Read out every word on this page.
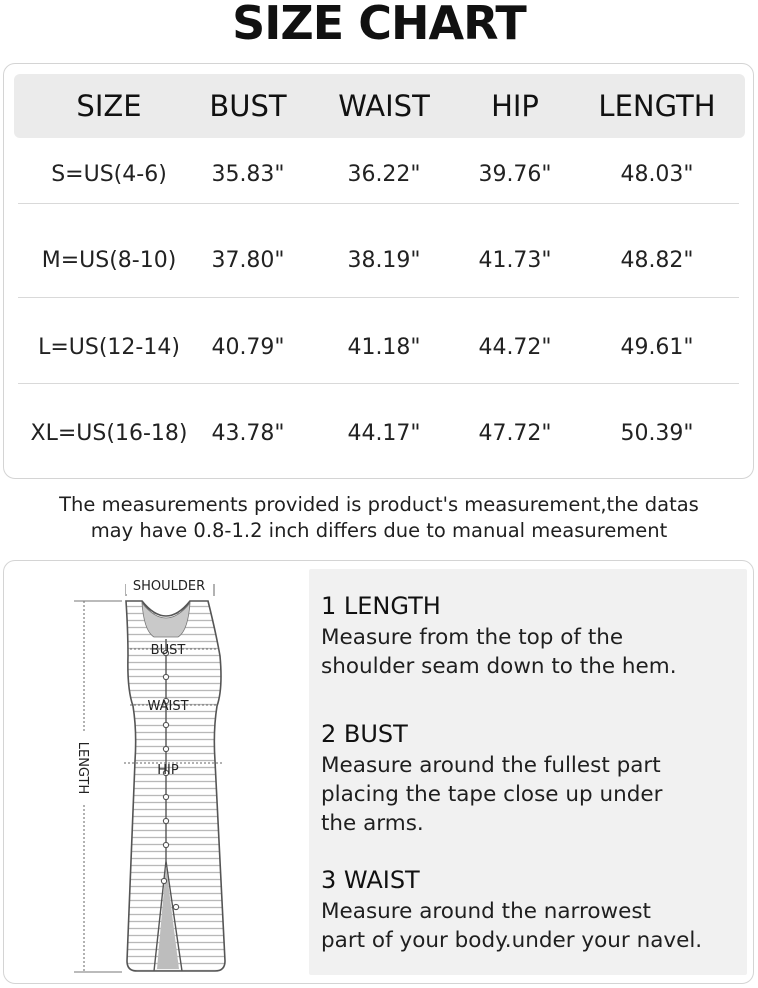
SIZE CHART
SIZE BUST WAIST HIP LENGTH
S=US(4-6) 35.83"	36.22"	39.76"	48.03"
M=US(8-10) 37.80"	38.19"	41.73"	48.82"
L=US(12-14) 40.79"	41.18"	44.72"	49.61"
XL=US(16-18) 43.78"	44.17"	47.72"	50.39"
The measurements provided is product's measurement,the datas
may have 0.8-1.2 inch differs due to manual measurement
SHOULDER
BUST
WAIST
HIP
LENGTH

1 LENGTH

Measure from the top of the
shoulder seam down to the hem.

2 BUST

Measure around the fullest part
placing the tape close up under
the arms.

3 WAIST

Measure around the narrowest
part of your body.under your navel.
